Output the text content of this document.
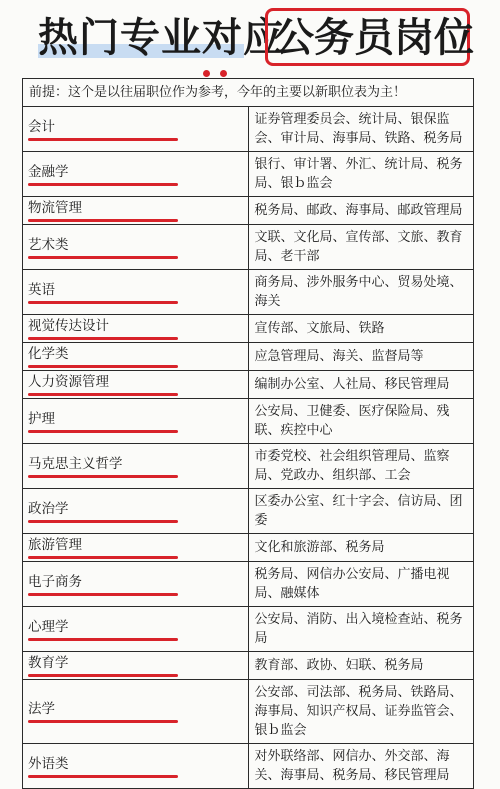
热门专业对应
公务员岗位
前提：这个是以往届职位作为参考，今年的主要以新职位表为主！	
会计	证券管理委员会、统计局、银保监会、审计局、海事局、铁路、税务局
金融学	银行、审计署、外汇、统计局、税务局、银ｂ监会
物流管理	税务局、邮政、海事局、邮政管理局
艺术类	文联、文化局、宣传部、文旅、教育局、老干部
英语	商务局、涉外服务中心、贸易处境、海关
视觉传达设计	宣传部、文旅局、铁路
化学类	应急管理局、海关、监督局等
人力资源管理	编制办公室、人社局、移民管理局
护理	公安局、卫健委、医疗保险局、残联、疾控中心
马克思主义哲学	市委党校、社会组织管理局、监察局、党政办、组织部、工会
政治学	区委办公室、红十字会、信访局、团委
旅游管理	文化和旅游部、税务局
电子商务	税务局、网信办公安局、广播电视局、融媒体
心理学	公安局、消防、出入境检查站、税务局
教育学	教育部、政协、妇联、税务局
法学	公安部、司法部、税务局、铁路局、海事局、知识产权局、证券监管会、银ｂ监会
外语类	对外联络部、网信办、外交部、海关、海事局、税务局、移民管理局
